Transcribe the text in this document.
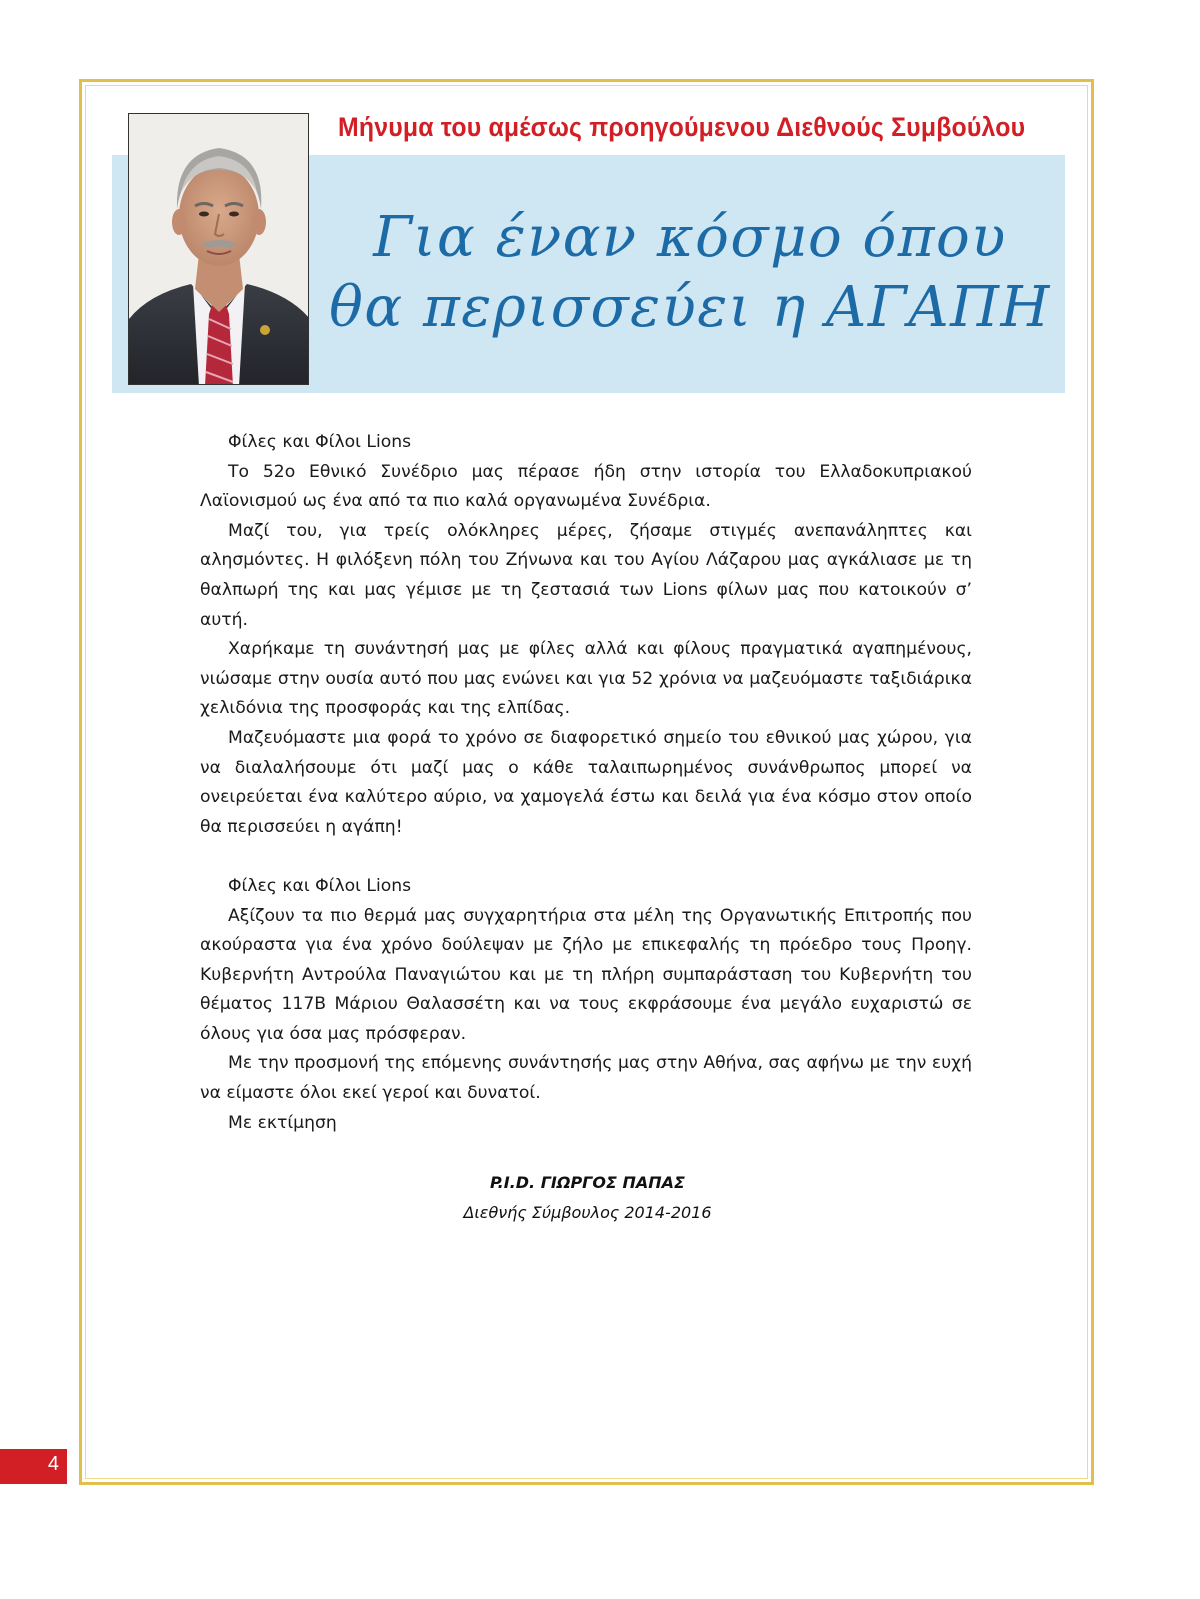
Μήνυμα του αμέσως προηγούμενου Διεθνούς Συμβούλου
Για έναν κόσμο όπου
θα περισσεύει η ΑΓΑΠΗ

Φίλες και Φίλοι Lions

Το 52ο Εθνικό Συνέδριο μας πέρασε ήδη στην ιστορία του Ελλαδοκυπριακού Λαϊονισμού ως ένα από τα πιο καλά οργανωμένα Συνέδρια.

Μαζί του, για τρείς ολόκληρες μέρες, ζήσαμε στιγμές ανεπανάληπτες και αλησμόντες. Η φιλόξενη πόλη του Ζήνωνα και του Αγίου Λάζαρου μας αγκάλιασε με τη θαλπωρή της και μας γέμισε με τη ζεστασιά των Lions φίλων μας που κατοικούν σ’ αυτή.

Χαρήκαμε τη συνάντησή μας με φίλες αλλά και φίλους πραγματικά αγαπημένους, νιώσαμε στην ουσία αυτό που μας ενώνει και για 52 χρόνια να μαζευόμαστε ταξιδιάρικα χελιδόνια της προσφοράς και της ελπίδας.

Μαζευόμαστε μια φορά το χρόνο σε διαφορετικό σημείο του εθνικού μας χώρου, για να διαλαλήσουμε ότι μαζί μας ο κάθε ταλαιπωρημένος συνάνθρωπος μπορεί να ονειρεύεται ένα καλύτερο αύριο, να χαμογελά έστω και δειλά για ένα κόσμο στον οποίο θα περισσεύει η αγάπη!

Φίλες και Φίλοι Lions

Αξίζουν τα πιο θερμά μας συγχαρητήρια στα μέλη της Οργανωτικής Επιτροπής που ακούραστα για ένα χρόνο δούλεψαν με ζήλο με επικεφαλής τη πρόεδρο τους Προηγ. Κυβερνήτη Αντρούλα Παναγιώτου και με τη πλήρη συμπαράσταση του Κυβερνήτη του θέματος 117Β Μάριου Θαλασσέτη και να τους εκφράσουμε ένα μεγάλο ευχαριστώ σε όλους για όσα μας πρόσφεραν.

Με την προσμονή της επόμενης συνάντησής μας στην Αθήνα, σας αφήνω με την ευχή να είμαστε όλοι εκεί γεροί και δυνατοί.

Με εκτίμηση

P.I.D. ΓΙΩΡΓΟΣ ΠΑΠΑΣ
Διεθνής Σύμβουλος 2014-2016
4
